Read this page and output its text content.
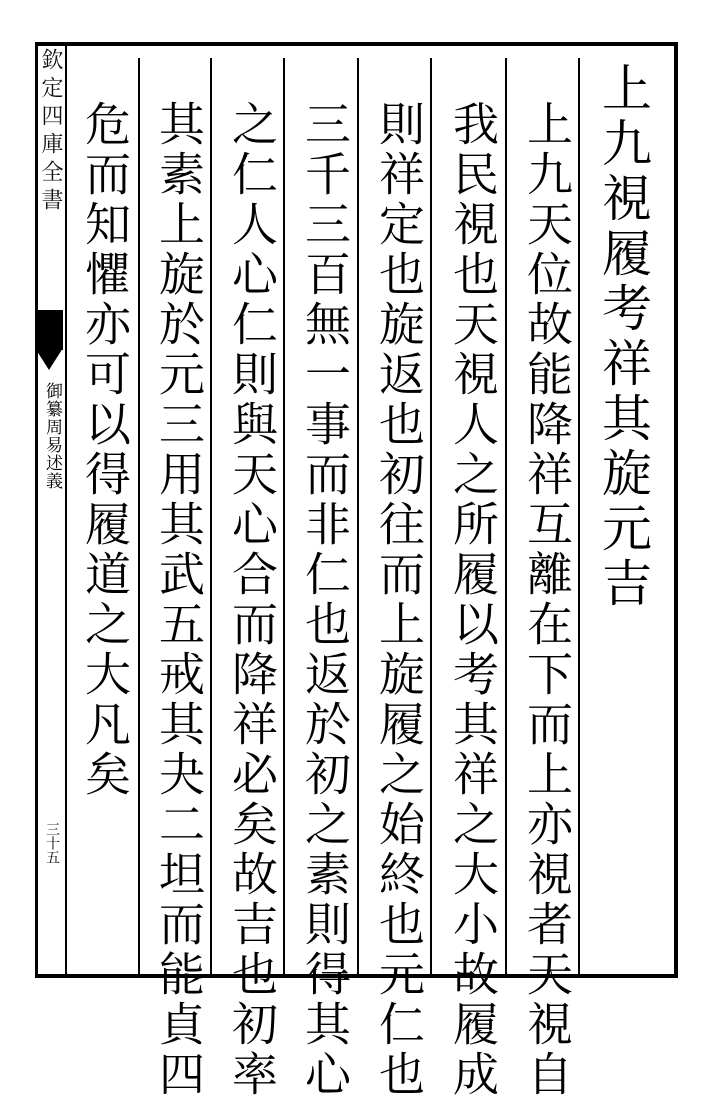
欽定四庫全書
御纂周易述義
三十五
上九視履考祥其旋元吉
上九天位故能降祥互離在下而上亦視者天視自
我民視也天視人之所履以考其祥之大小故履成
則祥定也旋返也初往而上旋履之始終也元仁也
三千三百無一事而非仁也返於初之素則得其心
之仁人心仁則與天心合而降祥必矣故吉也初率
其素上旋於元三用其武五戒其夬二坦而能貞四
危而知懼亦可以得履道之大凡矣
